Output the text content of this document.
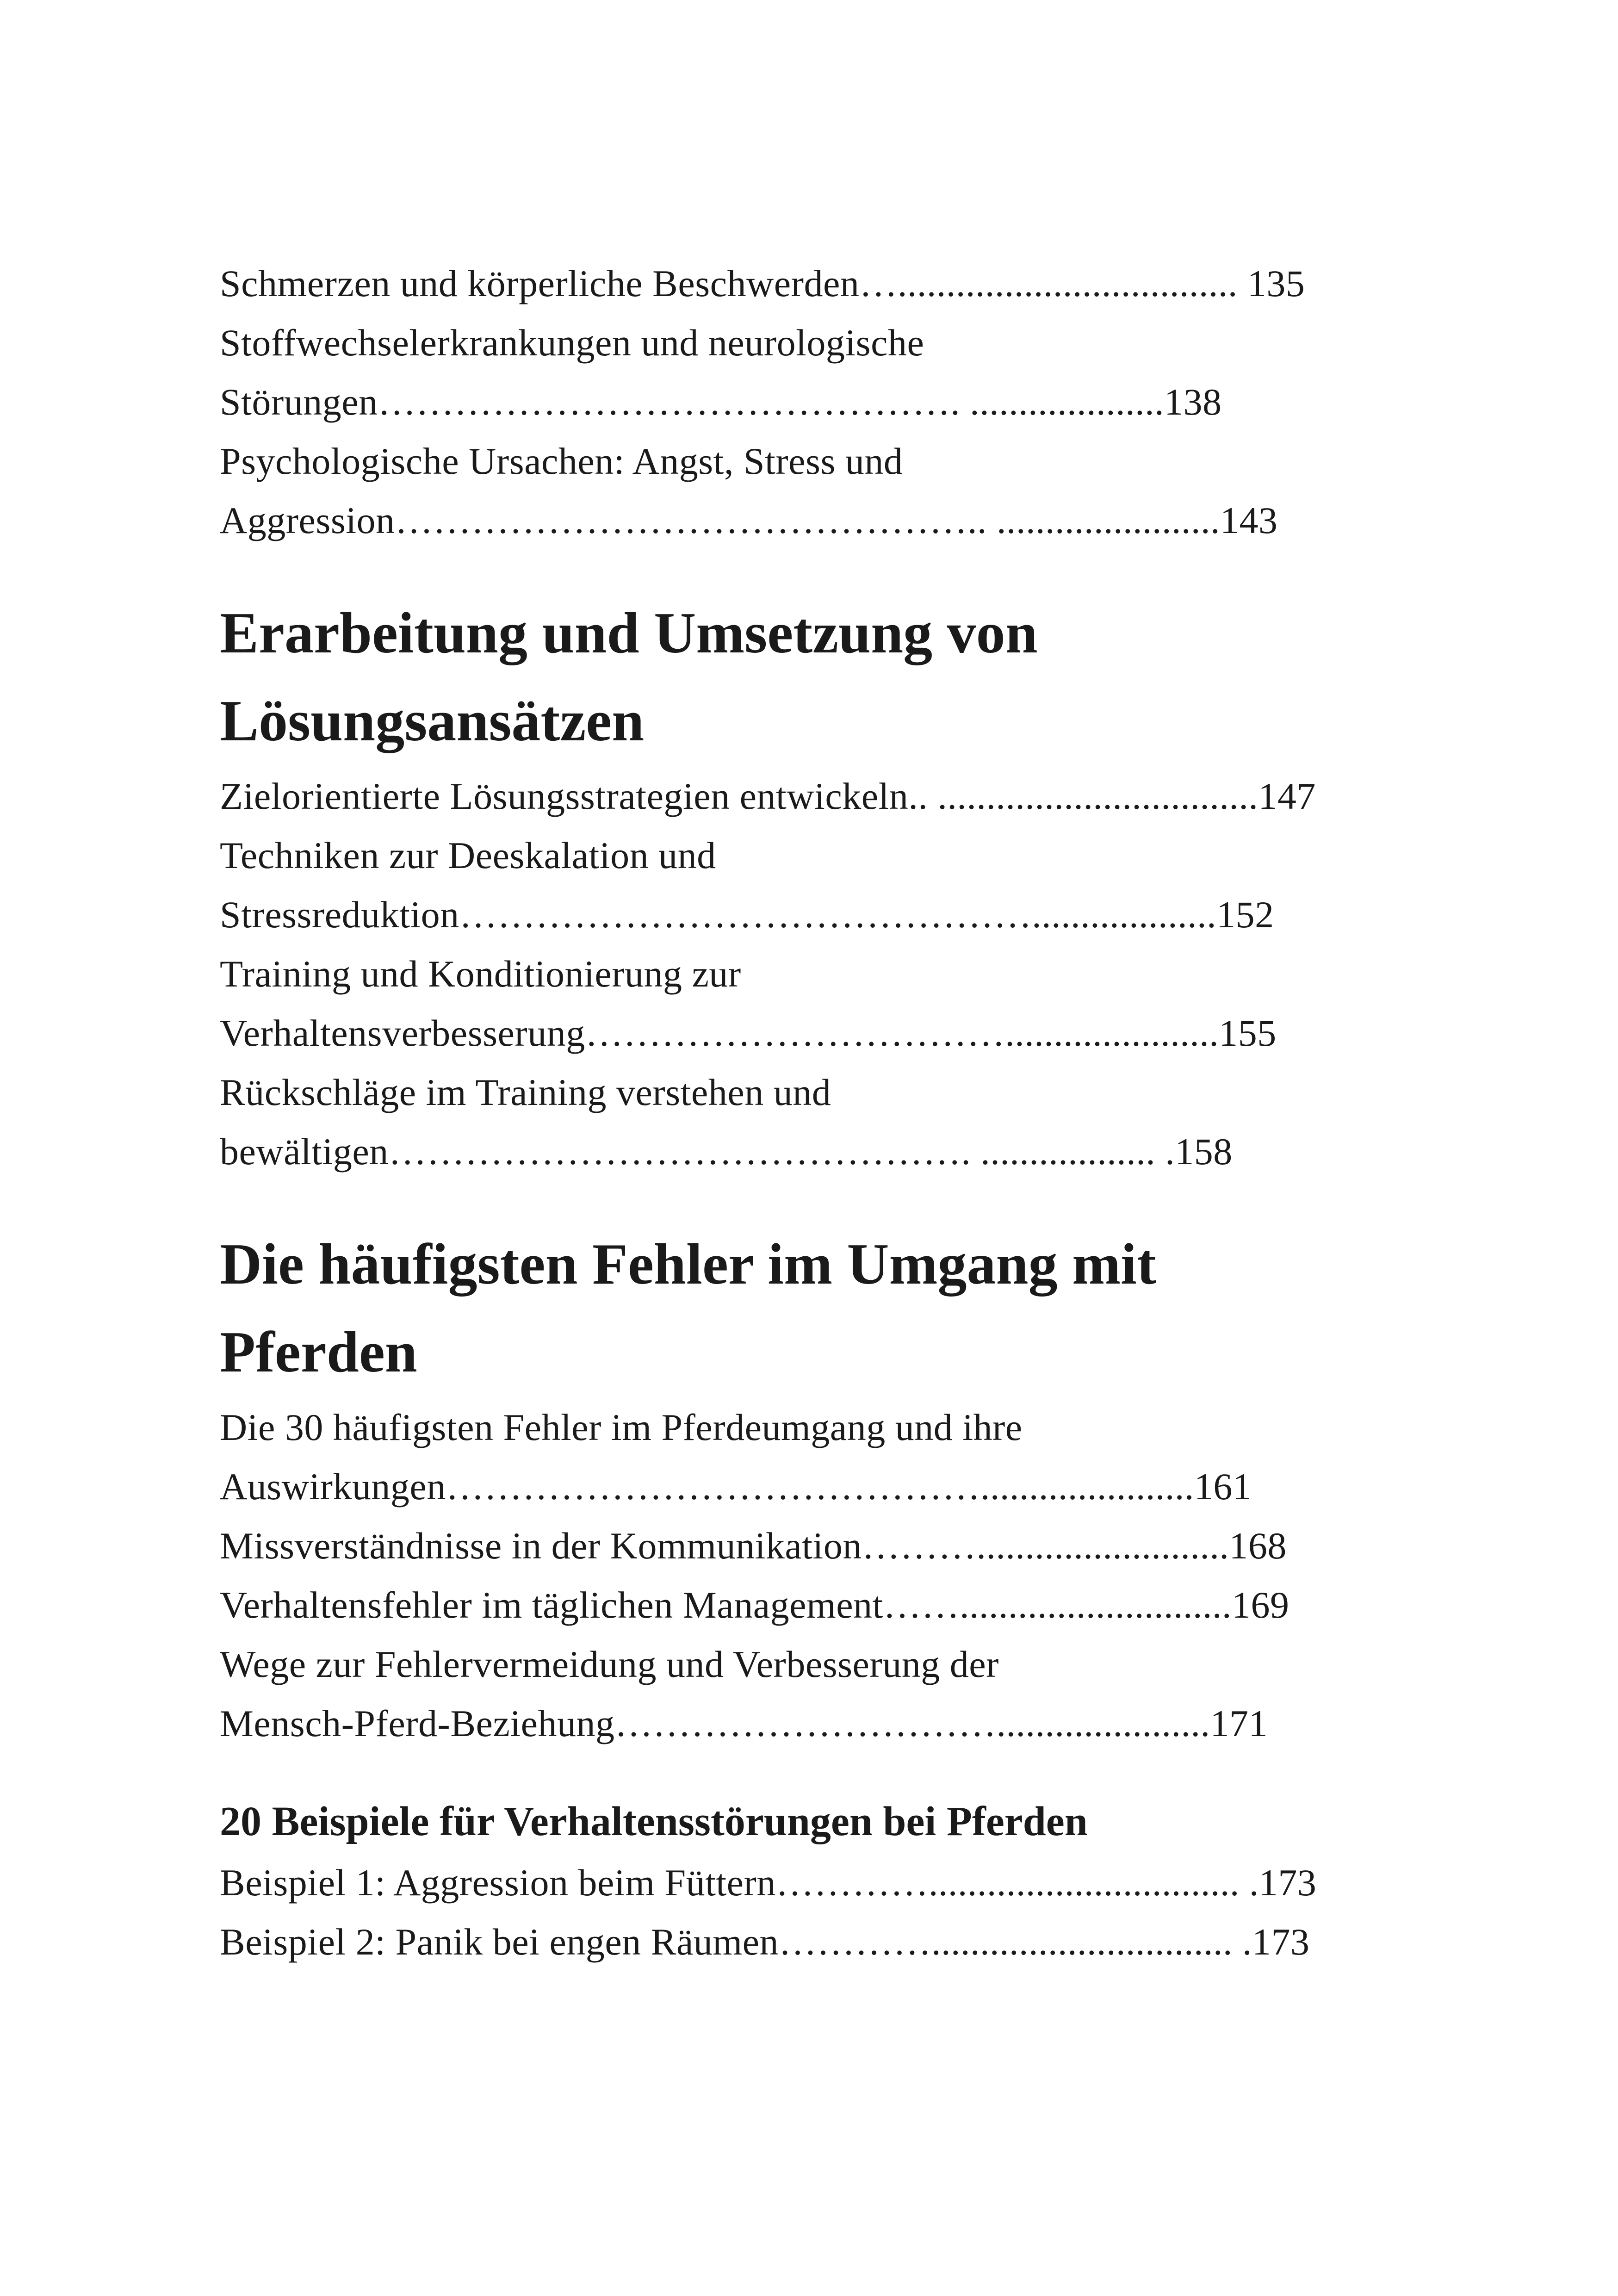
Schmerzen und körperliche Beschwerden…................................... 135
Stoffwechselerkrankungen und neurologische
Störungen………………………………………. ....................138
Psychologische Ursachen: Angst, Stress und
Aggression……………………………………….. .......................143
Erarbeitung und Umsetzung von
Lösungsansätzen
Zielorientierte Lösungsstrategien entwickeln.. .................................147
Techniken zur Deeskalation und
Stressreduktion………………………………………...................152
Training und Konditionierung zur
Verhaltensverbesserung……………………………......................155
Rückschläge im Training verstehen und
bewältigen………………………………………. .................. .158
Die häufigsten Fehler im Umgang mit
Pferden
Die 30 häufigsten Fehler im Pferdeumgang und ihre
Auswirkungen……………………………………......................161
Missverständnisse in der Kommunikation………..........................168
Verhaltensfehler im täglichen Management……............................169
Wege zur Fehlervermeidung und Verbesserung der
Mensch-Pferd-Beziehung…………………………......................171
20 Beispiele für Verhaltensstörungen bei Pferden
Beispiel 1: Aggression beim Füttern…………................................ .173
Beispiel 2: Panik bei engen Räumen…………............................... .173
